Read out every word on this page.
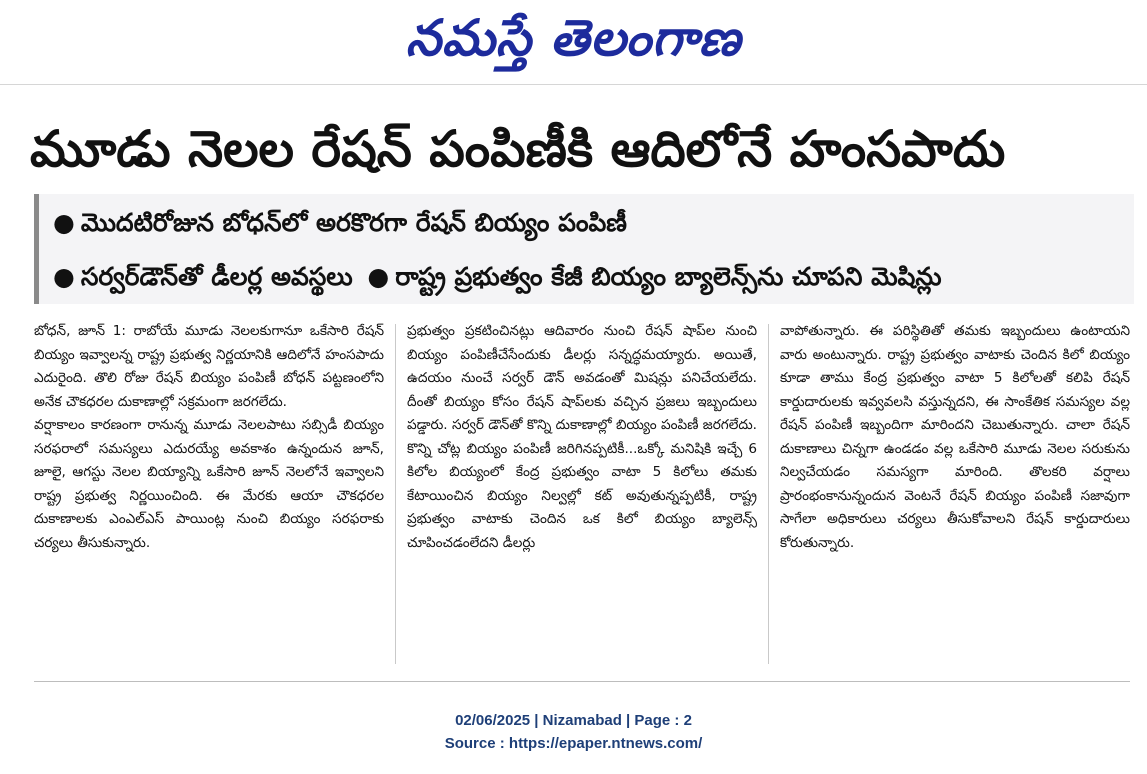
నమస్తే తెలంగాణ
మూడు నెలల రేషన్ పంపిణీకి ఆదిలోనే హంసపాదు
● మొదటిరోజున బోధన్‌లో అరకొరగా రేషన్ బియ్యం పంపిణీ
● సర్వర్‌డౌన్‌తో డీలర్ల అవస్థలు ● రాష్ట్ర ప్రభుత్వం కేజీ బియ్యం బ్యాలెన్స్‌ను చూపని మెషిన్లు

బోధన్, జూన్ 1: రాబోయే మూడు నెలలకుగానూ ఒకేసారి రేషన్ బియ్యం ఇవ్వాలన్న రాష్ట్ర ప్రభుత్వ నిర్ణయానికి ఆదిలోనే హంసపాదు ఎదురైంది. తొలి రోజు రేషన్ బియ్యం పంపిణీ బోధన్ పట్టణంలోని అనేక చౌకధరల దుకాణాల్లో సక్రమంగా జరగలేదు.

వర్షాకాలం కారణంగా రానున్న మూడు నెలలపాటు సబ్సిడీ బియ్యం సరఫరాలో సమస్యలు ఎదురయ్యే అవకాశం ఉన్నందున జూన్, జూలై, ఆగస్టు నెలల బియ్యాన్ని ఒకేసారి జూన్ నెలలోనే ఇవ్వాలని రాష్ట్ర ప్రభుత్వ నిర్ణయించింది. ఈ మేరకు ఆయా చౌకధరల దుకాణాలకు ఎంఎల్ఎస్ పాయింట్ల నుంచి బియ్యం సరఫరాకు చర్యలు తీసుకున్నారు.

ప్రభుత్వం ప్రకటించినట్లు ఆదివారం నుంచి రేషన్ షాప్‌ల నుంచి బియ్యం పంపిణీచేసేందుకు డీలర్లు సన్నద్ధమయ్యారు. అయితే, ఉదయం నుంచే సర్వర్ డౌన్ అవడంతో మిషన్లు పనిచేయలేదు. దీంతో బియ్యం కోసం రేషన్ షాప్‌లకు వచ్చిన ప్రజలు ఇబ్బందులు పడ్డారు. సర్వర్ డౌన్‌తో కొన్ని దుకాణాల్లో బియ్యం పంపిణీ జరగలేదు. కొన్ని చోట్ల బియ్యం పంపిణీ జరిగినప్పటికీ...ఒక్కో మనిషికి ఇచ్చే 6 కిలోల బియ్యంలో కేంద్ర ప్రభుత్వం వాటా 5 కిలోలు తమకు కేటాయించిన బియ్యం నిల్వల్లో కట్ అవుతున్నప్పటికీ, రాష్ట్ర ప్రభుత్వం వాటాకు చెందిన ఒక కిలో బియ్యం బ్యాలెన్స్ చూపించడంలేదని డీలర్లు

వాపోతున్నారు. ఈ పరిస్థితితో తమకు ఇబ్బందులు ఉంటాయని వారు అంటున్నారు. రాష్ట్ర ప్రభుత్వం వాటాకు చెందిన కిలో బియ్యం కూడా తాము కేంద్ర ప్రభుత్వం వాటా 5 కిలోలతో కలిపి రేషన్ కార్డుదారులకు ఇవ్వవలసి వస్తున్నదని, ఈ సాంకేతిక సమస్యల వల్ల రేషన్ పంపిణీ ఇబ్బందిగా మారిందని చెబుతున్నారు. చాలా రేషన్ దుకాణాలు చిన్నగా ఉండడం వల్ల ఒకేసారి మూడు నెలల సరుకును నిల్వచేయడం సమస్యగా మారింది. తొలకరి వర్షాలు ప్రారంభంకానున్నందున వెంటనే రేషన్ బియ్యం పంపిణీ సజావుగా సాగేలా అధికారులు చర్యలు తీసుకోవాలని రేషన్ కార్డుదారులు కోరుతున్నారు.

02/06/2025 | Nizamabad | Page : 2
Source : https://epaper.ntnews.com/
